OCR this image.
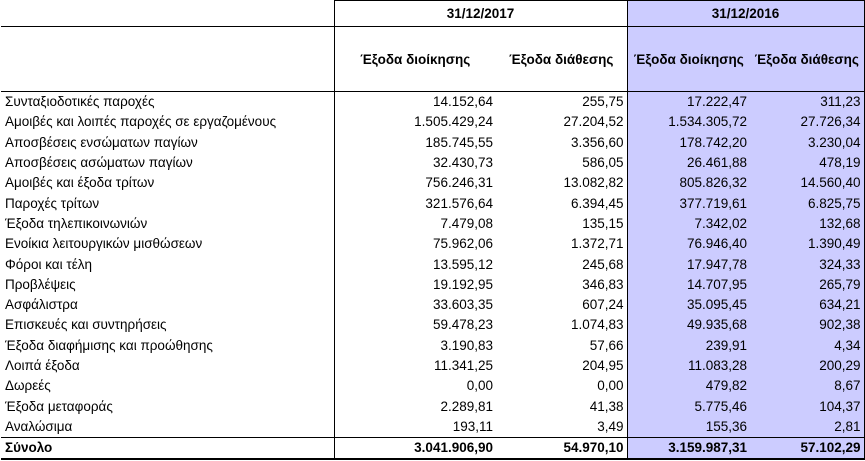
	31/12/2017		31/12/2016	
	Έξοδα διοίκησης	Έξοδα διάθεσης	Έξοδα διοίκησης	Έξοδα διάθεσης
Συνταξιοδοτικές παροχές	14.152,64	255,75	17.222,47	311,23
Αμοιβές και λοιπές παροχές σε εργαζομένους	1.505.429,24	27.204,52	1.534.305,72	27.726,34
Αποσβέσεις ενσώματων παγίων	185.745,55	3.356,60	178.742,20	3.230,04
Αποσβέσεις ασώματων παγίων	32.430,73	586,05	26.461,88	478,19
Αμοιβές και έξοδα τρίτων	756.246,31	13.082,82	805.826,32	14.560,40
Παροχές τρίτων	321.576,64	6.394,45	377.719,61	6.825,75
Έξοδα τηλεπικοινωνιών	7.479,08	135,15	7.342,02	132,68
Ενοίκια λειτουργικών μισθώσεων	75.962,06	1.372,71	76.946,40	1.390,49
Φόροι και τέλη	13.595,12	245,68	17.947,78	324,33
Προβλέψεις	19.192,95	346,83	14.707,95	265,79
Ασφάλιστρα	33.603,35	607,24	35.095,45	634,21
Επισκευές και συντηρήσεις	59.478,23	1.074,83	49.935,68	902,38
Έξοδα διαφήμισης και προώθησης	3.190,83	57,66	239,91	4,34
Λοιπά έξοδα	11.341,25	204,95	11.083,28	200,29
Δωρεές	0,00	0,00	479,82	8,67
Έξοδα μεταφοράς	2.289,81	41,38	5.775,46	104,37
Αναλώσιμα	193,11	3,49	155,36	2,81
Σύνολο	3.041.906,90	54.970,10	3.159.987,31	57.102,29
